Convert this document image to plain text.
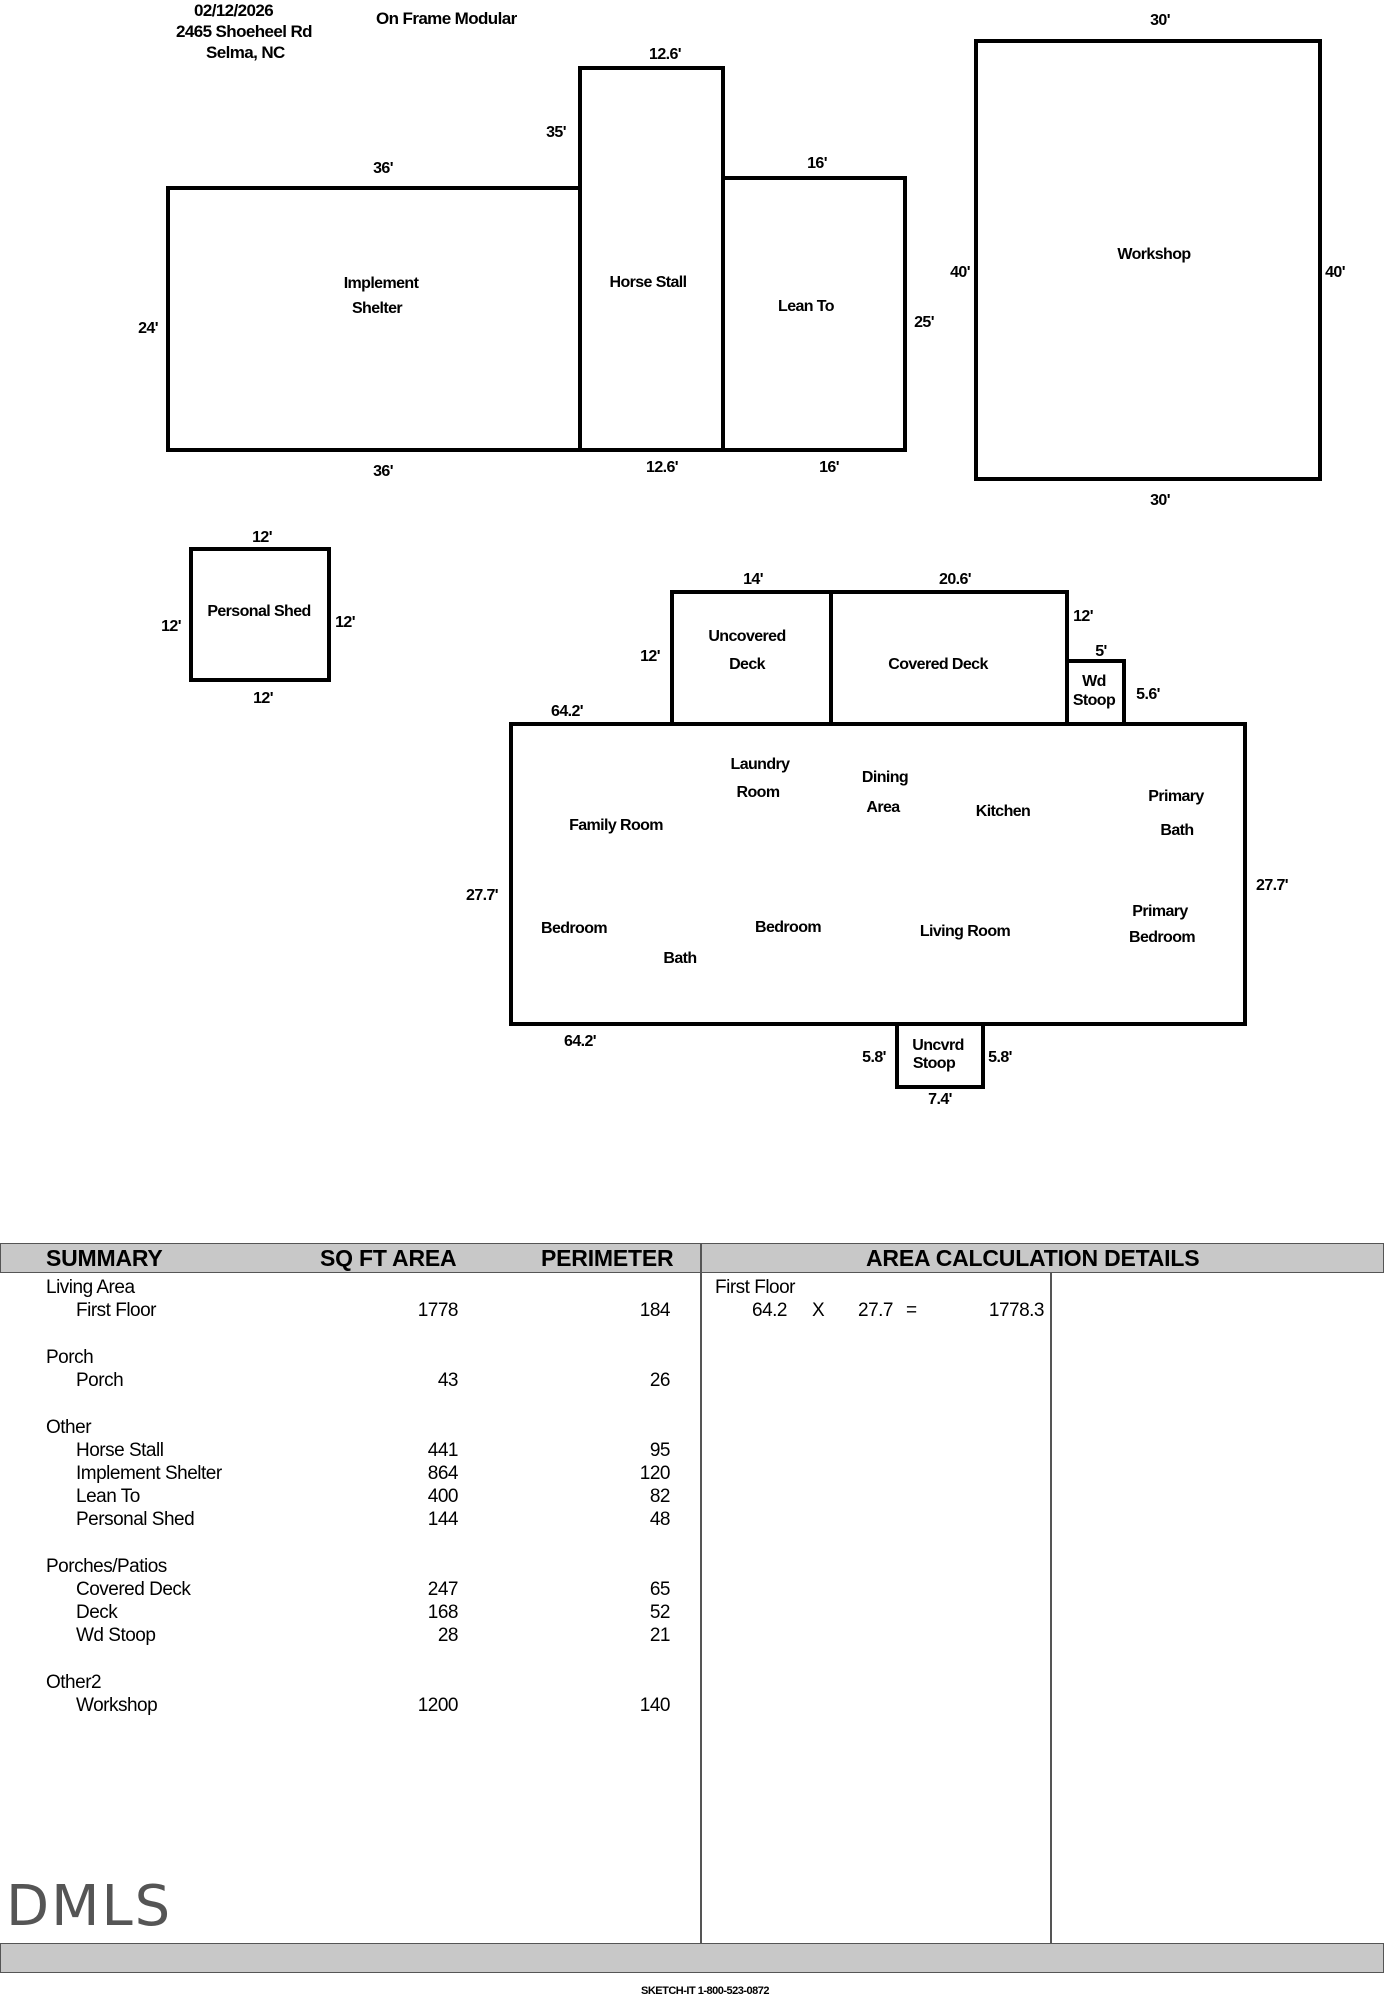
02/12/2026
2465 Shoeheel Rd
Selma, NC
On Frame Modular
Implement
Shelter
36'
36'
24'
Horse Stall
12.6'
12.6'
35'
Lean To
16'
16'
25'
Workshop
30'
30'
40'	40'
Personal Shed
12'
12'
12'	12'
Uncovered
Deck
14'
12'	Covered Deck
20.6'
12'
Wd
Stoop
5'
5.6'
64.2'
64.2'
27.7'
27.7'
Uncvrd
Stoop
5.8'	5.8'
7.4'
Laundry
Room
Dining
Area
Family Room
Kitchen
Primary
Bath
Bedroom
Bath
Bedroom	Living Room
Primary
Bedroom
SUMMARY	SQ FT AREA	PERIMETER	AREA CALCULATION DETAILS
Living Area
First Floor	1778	184
Porch
Porch	43	26
Other
Horse Stall	441	95
Implement Shelter	864	120
Lean To	400	82
Personal Shed	144	48
Porches/Patios
Covered Deck	247	65
Deck	168	52
Wd Stoop	28	21
Other2
Workshop	1200	140
First Floor
64.2 X 27.7 =	1778.3
DMLS
SKETCH-IT 1-800-523-0872
